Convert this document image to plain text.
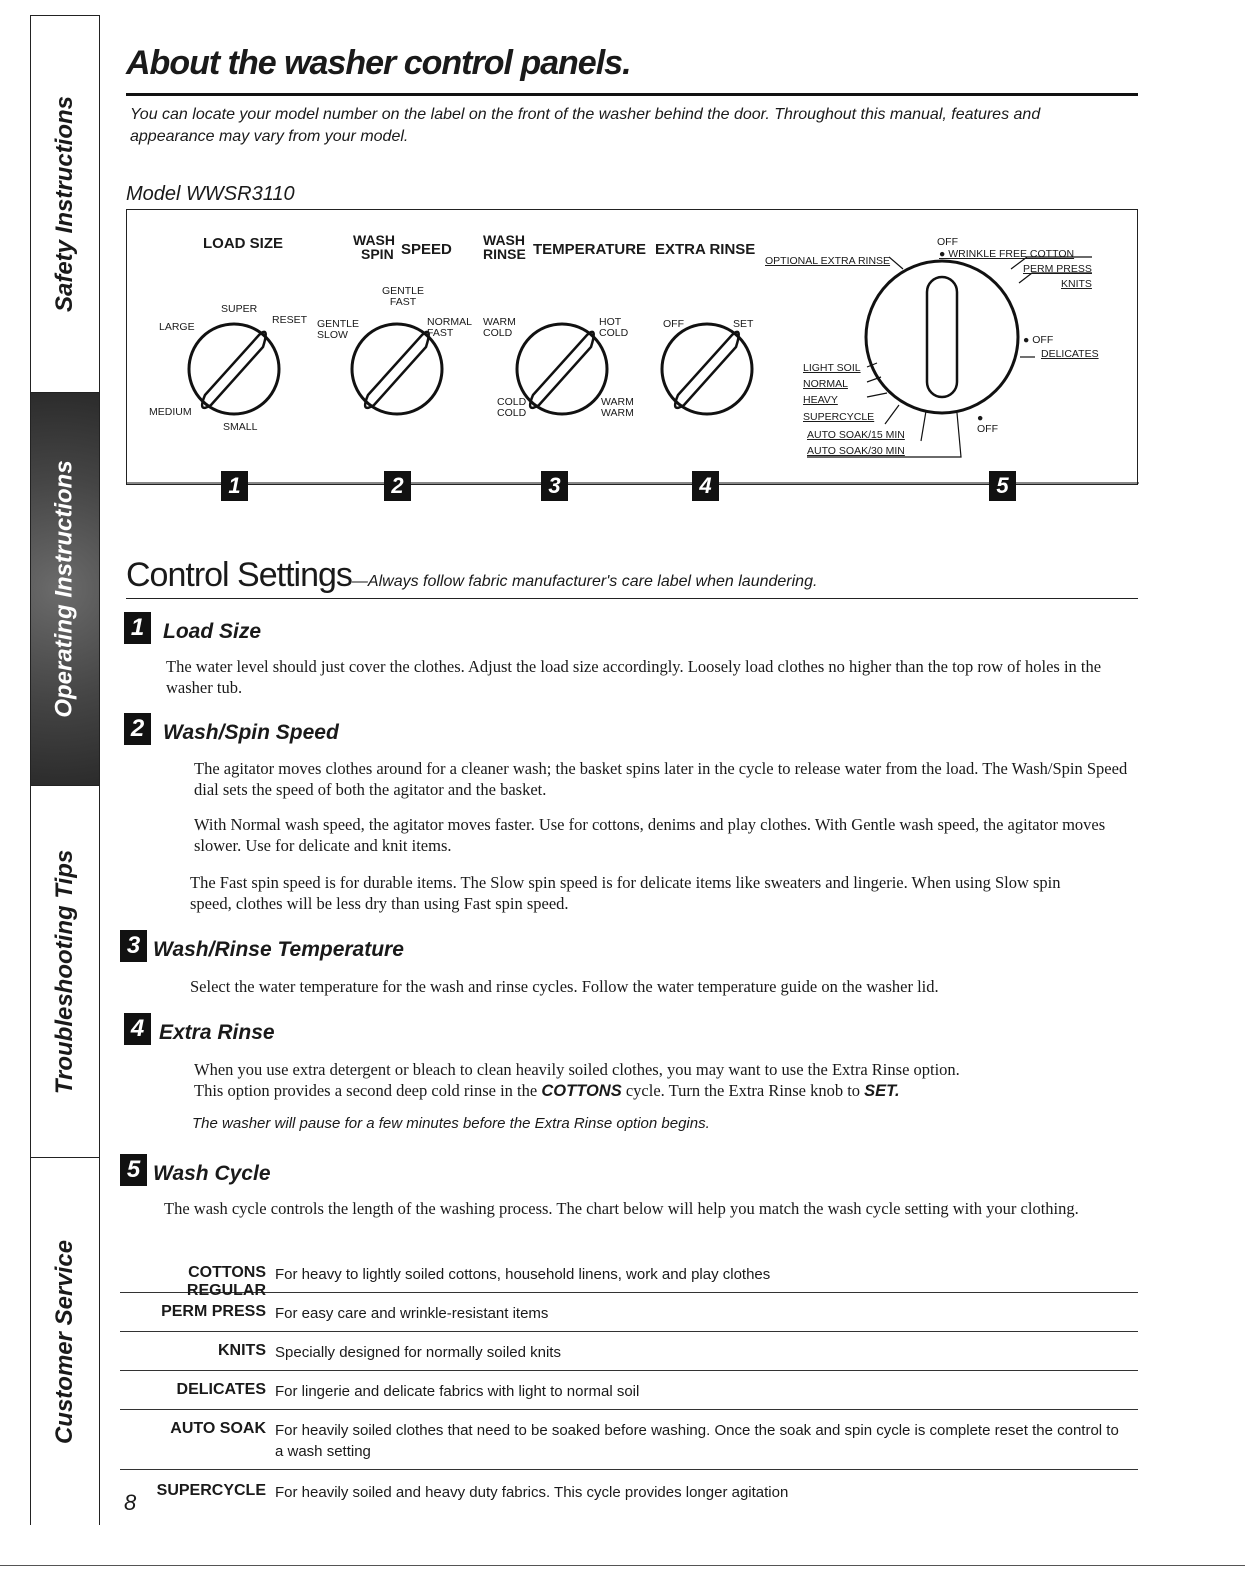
Safety Instructions
Operating Instructions
Troubleshooting Tips
Customer Service
About the washer control panels.
You can locate your model number on the label on the front of the washer behind the door. Throughout this manual, features and appearance may vary from your model.
Model WWSR3110
LOAD SIZE
SUPER
RESET
LARGE
MEDIUM
SMALL
1
WASH
SPIN SPEED
GENTLE
FAST
GENTLE
SLOW
NORMAL
FAST
2
WASH
RINSE TEMPERATURE
WARM
COLD
HOT
COLD
COLD
COLD
WARM
WARM
3
EXTRA RINSE
OFF	SET
4
OPTIONAL EXTRA RINSE
OFF
● WRINKLE FREE COTTON
PERM PRESS
KNITS
● OFF
DELICATES
LIGHT SOIL
NORMAL
HEAVY
SUPERCYCLE
AUTO SOAK/15 MIN
AUTO SOAK/30 MIN
●
OFF
5
Control Settings—Always follow fabric manufacturer's care label when laundering.
1 Load Size
The water level should just cover the clothes. Adjust the load size accordingly. Loosely load clothes no higher than the top row of holes in the washer tub.
2 Wash/Spin Speed
The agitator moves clothes around for a cleaner wash; the basket spins later in the cycle to release water from the load. The Wash/Spin Speed dial sets the speed of both the agitator and the basket.
With Normal wash speed, the agitator moves faster. Use for cottons, denims and play clothes. With Gentle wash speed, the agitator moves slower. Use for delicate and knit items.
The Fast spin speed is for durable items. The Slow spin speed is for delicate items like sweaters and lingerie. When using Slow spin speed, clothes will be less dry than using Fast spin speed.
3 Wash/Rinse Temperature
Select the water temperature for the wash and rinse cycles. Follow the water temperature guide on the washer lid.
4 Extra Rinse
When you use extra detergent or bleach to clean heavily soiled clothes, you may want to use the Extra Rinse option.
This option provides a second deep cold rinse in the COTTONS cycle. Turn the Extra Rinse knob to SET.
The washer will pause for a few minutes before the Extra Rinse option begins.
5 Wash Cycle
The wash cycle controls the length of the washing process. The chart below will help you match the wash cycle setting with your clothing.
COTTONS REGULAR
For heavy to lightly soiled cottons, household linens, work and play clothes
PERM PRESS For easy care and wrinkle-resistant items
KNITS Specially designed for normally soiled knits
DELICATES For lingerie and delicate fabrics with light to normal soil
AUTO SOAK For heavily soiled clothes that need to be soaked before washing. Once the soak and spin cycle is complete reset the control to a wash setting
SUPERCYCLE For heavily soiled and heavy duty fabrics. This cycle provides longer agitation
8
